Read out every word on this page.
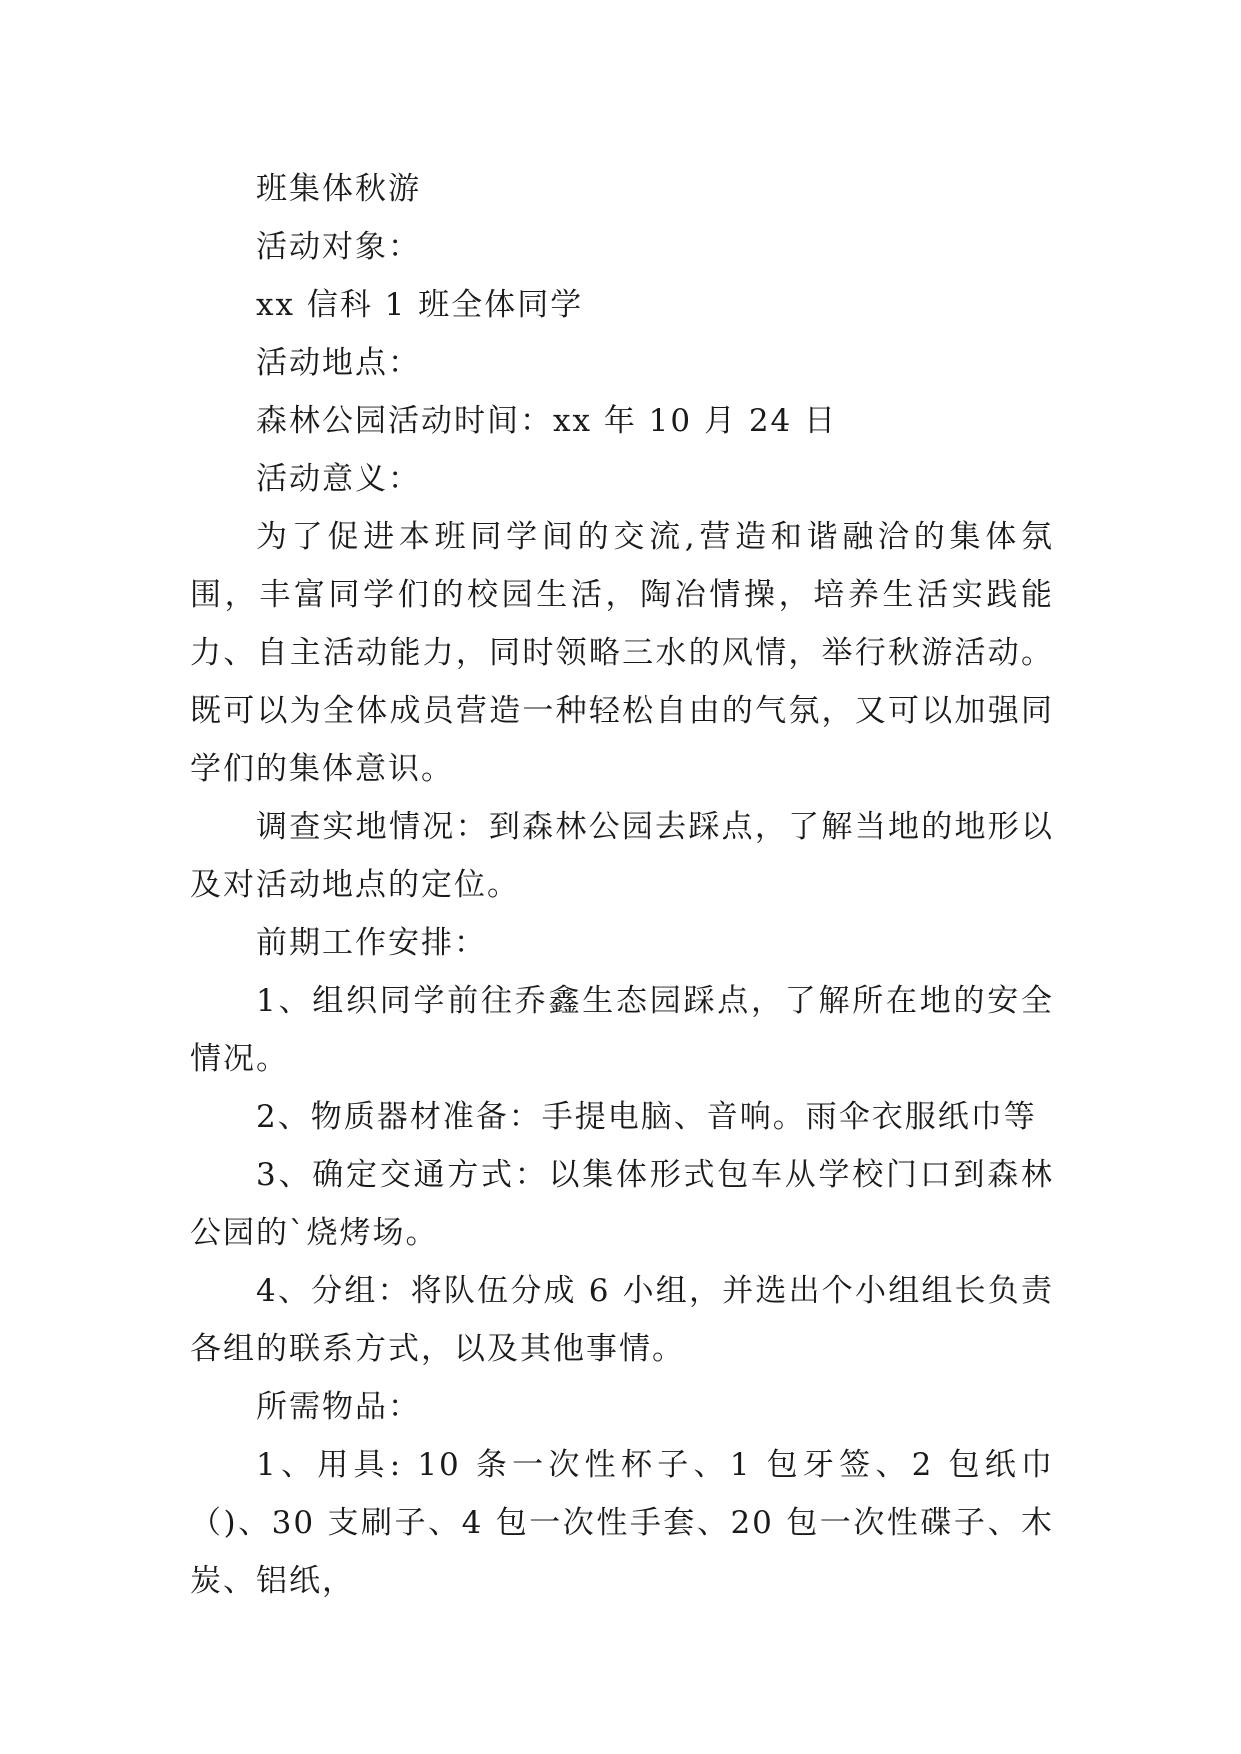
班集体秋游

活动对象：

xx 信科 1 班全体同学

活动地点：

森林公园活动时间：xx 年 10 月 24 日

活动意义：

为了促进本班同学间的交流,营造和谐融洽的集体氛围，丰富同学们的校园生活，陶冶情操，培养生活实践能力、自主活动能力，同时领略三水的风情，举行秋游活动。既可以为全体成员营造一种轻松自由的气氛，又可以加强同学们的集体意识。

调查实地情况：到森林公园去踩点，了解当地的地形以及对活动地点的定位。

前期工作安排：

1、组织同学前往乔鑫生态园踩点，了解所在地的安全情况。

2、物质器材准备：手提电脑、音响。雨伞衣服纸巾等

3、确定交通方式：以集体形式包车从学校门口到森林公园的`烧烤场。

4、分组：将队伍分成 6 小组，并选出个小组组长负责各组的联系方式，以及其他事情。

所需物品：

1、用具: 10 条一次性杯子、1 包牙签、2 包纸巾（)、30 支刷子、4 包一次性手套、20 包一次性碟子、木炭、铝纸，
